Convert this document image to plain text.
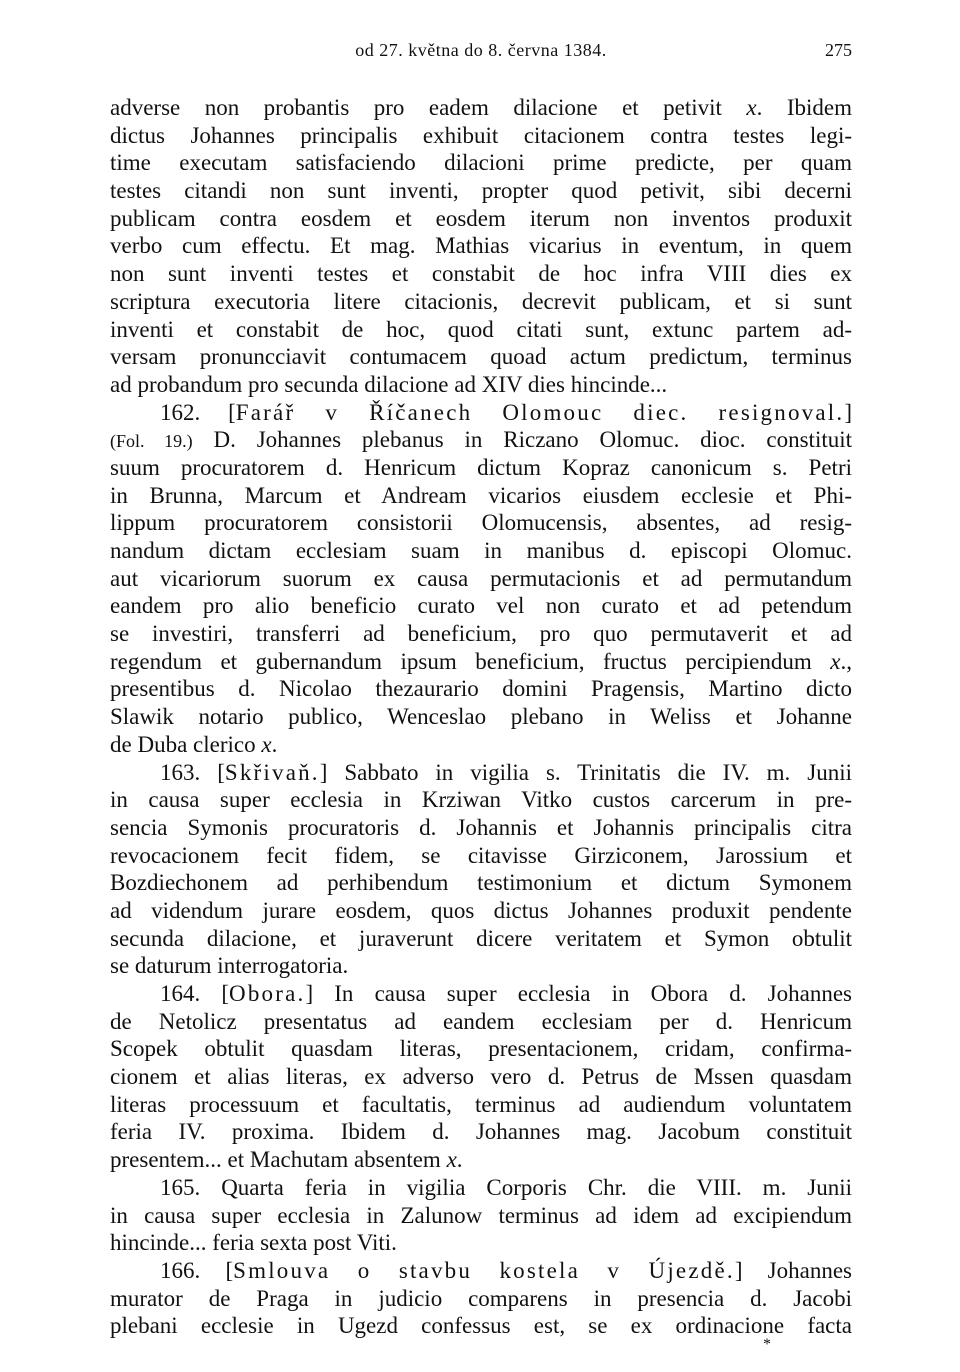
od 27. května do 8. června 1384.	275
adverse non probantis pro eadem dilacione et petivit x. Ibidem
dictus Johannes principalis exhibuit citacionem contra testes legi-
time executam satisfaciendo dilacioni prime predicte, per quam
testes citandi non sunt inventi, propter quod petivit, sibi decerni
publicam contra eosdem et eosdem iterum non inventos produxit
verbo cum effectu. Et mag. Mathias vicarius in eventum, in quem
non sunt inventi testes et constabit de hoc infra VIII dies ex
scriptura executoria litere citacionis, decrevit publicam, et si sunt
inventi et constabit de hoc, quod citati sunt, extunc partem ad-
versam pronuncciavit contumacem quoad actum predictum, terminus
ad probandum pro secunda dilacione ad XIV dies hincinde...
162. [Farář v Říčanech Olomouc diec. resignoval.]
(Fol. 19.) D. Johannes plebanus in Riczano Olomuc. dioc. constituit
suum procuratorem d. Henricum dictum Kopraz canonicum s. Petri
in Brunna, Marcum et Andream vicarios eiusdem ecclesie et Phi-
lippum procuratorem consistorii Olomucensis, absentes, ad resig-
nandum dictam ecclesiam suam in manibus d. episcopi Olomuc.
aut vicariorum suorum ex causa permutacionis et ad permutandum
eandem pro alio beneficio curato vel non curato et ad petendum
se investiri, transferri ad beneficium, pro quo permutaverit et ad
regendum et gubernandum ipsum beneficium, fructus percipiendum x.,
presentibus d. Nicolao thezaurario domini Pragensis, Martino dicto
Slawik notario publico, Wenceslao plebano in Weliss et Johanne
de Duba clerico x.
163. [Skřivaň.] Sabbato in vigilia s. Trinitatis die IV. m. Junii
in causa super ecclesia in Krziwan Vitko custos carcerum in pre-
sencia Symonis procuratoris d. Johannis et Johannis principalis citra
revocacionem fecit fidem, se citavisse Girziconem, Jarossium et
Bozdiechonem ad perhibendum testimonium et dictum Symonem
ad videndum jurare eosdem, quos dictus Johannes produxit pendente
secunda dilacione, et juraverunt dicere veritatem et Symon obtulit
se daturum interrogatoria.
164. [Obora.] In causa super ecclesia in Obora d. Johannes
de Netolicz presentatus ad eandem ecclesiam per d. Henricum
Scopek obtulit quasdam literas, presentacionem, cridam, confirma-
cionem et alias literas, ex adverso vero d. Petrus de Mssen quasdam
literas processuum et facultatis, terminus ad audiendum voluntatem
feria IV. proxima. Ibidem d. Johannes mag. Jacobum constituit
presentem... et Machutam absentem x.
165. Quarta feria in vigilia Corporis Chr. die VIII. m. Junii
in causa super ecclesia in Zalunow terminus ad idem ad excipiendum
hincinde... feria sexta post Viti.
166. [Smlouva o stavbu kostela v Újezdě.] Johannes
murator de Praga in judicio comparens in presencia d. Jacobi
plebani ecclesie in Ugezd confessus est, se ex ordinacione facta
*
